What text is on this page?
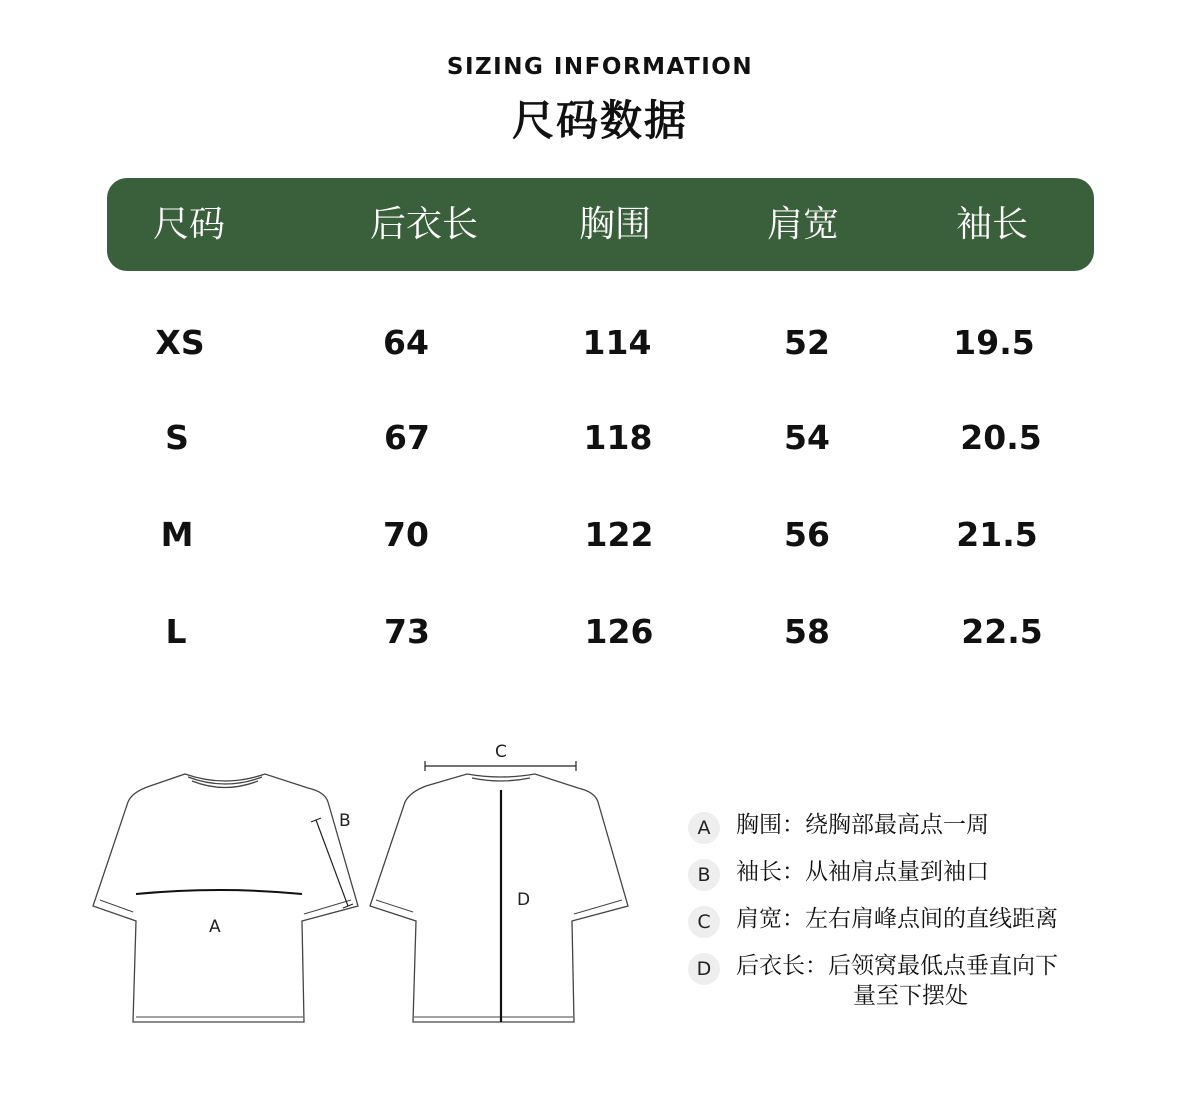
SIZING INFORMATION
尺码数据
尺码	后衣长	胸围	肩宽	袖长
XS	64	114	52	19.5
S	67	118	54	20.5
M	70	122	56	21.5
L	73	126	58	22.5
A
B
C
D
A	胸围：绕胸部最高点一周
B	袖长：从袖肩点量到袖口
C	肩宽：左右肩峰点间的直线距离
D	后衣长：后领窝最低点垂直向下
量至下摆处
